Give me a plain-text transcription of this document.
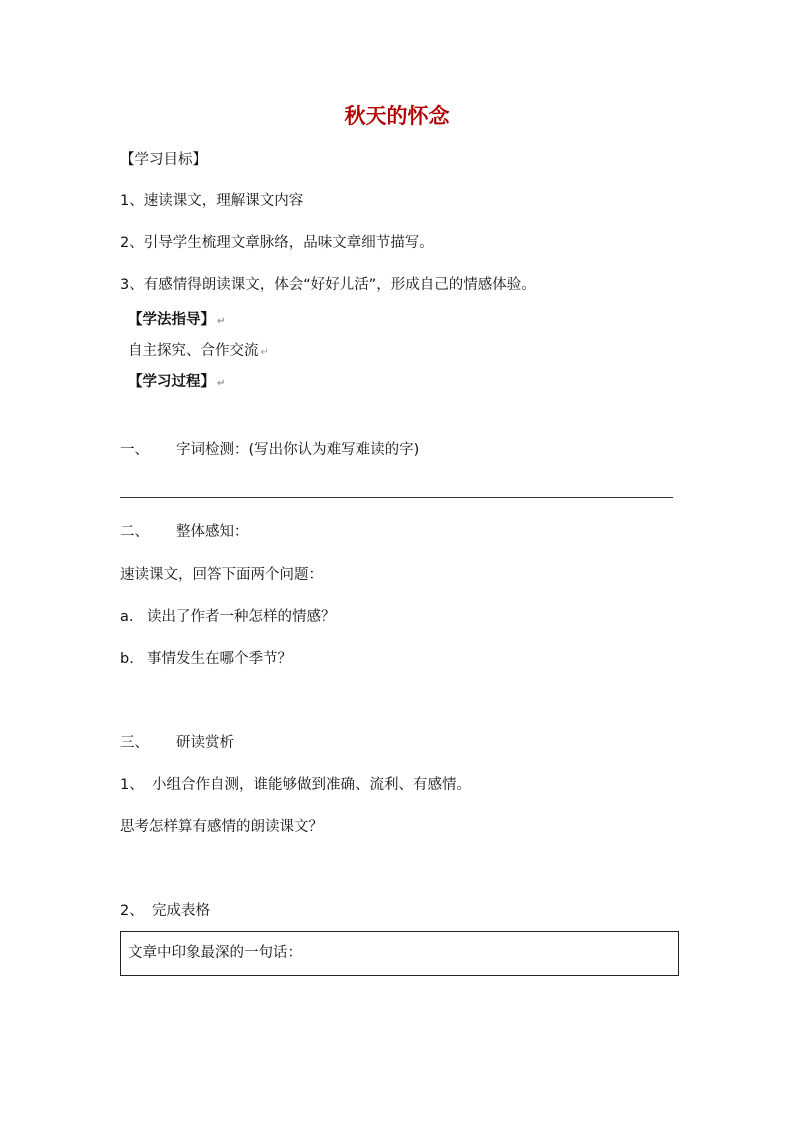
秋天的怀念
【学习目标】
1、速读课文，理解课文内容
2、引导学生梳理文章脉络，品味文章细节描写。
3、有感情得朗读课文，体会“好好儿活”，形成自己的情感体验。
【学法指导】 ↵
自主探究、合作交流 ↵
【学习过程】 ↵
一、 字词检测：(写出你认为难写难读的字)
二、 整体感知：
速读课文，回答下面两个问题：
a. 读出了作者一种怎样的情感？
b. 事情发生在哪个季节？
三、 研读赏析
1、 小组合作自测，谁能够做到准确、流利、有感情。
思考怎样算有感情的朗读课文？
2、 完成表格
文章中印象最深的一句话：
